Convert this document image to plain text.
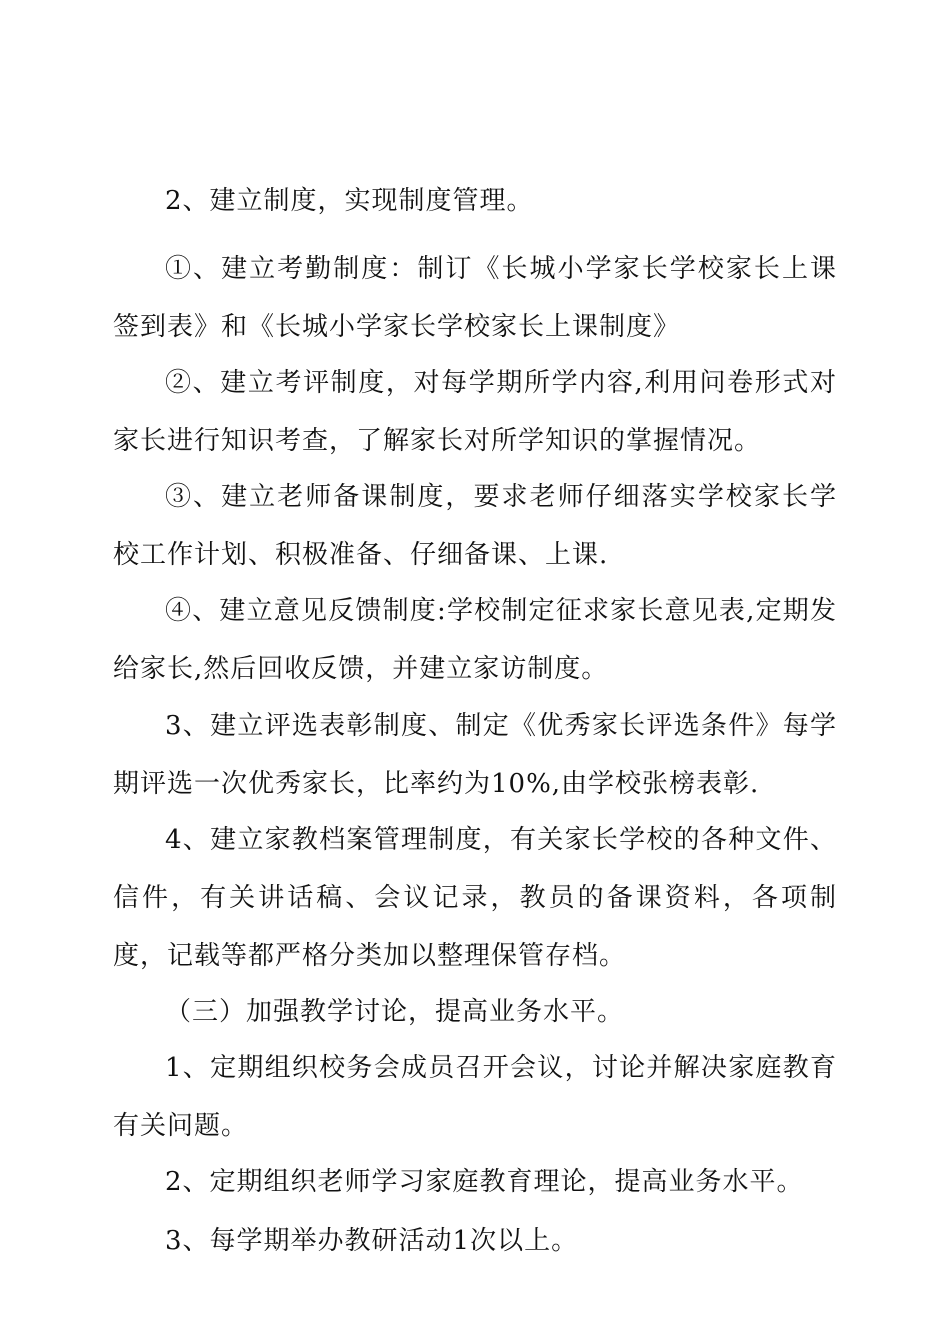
2、建立制度，实现制度管理。

①、建立考勤制度：制订《长城小学家长学校家长上课签到表》和《长城小学家长学校家长上课制度》

②、建立考评制度，对每学期所学内容,利用问卷形式对家长进行知识考查，了解家长对所学知识的掌握情况。

③、建立老师备课制度，要求老师仔细落实学校家长学校工作计划、积极准备、仔细备课、上课.

④、建立意见反馈制度:学校制定征求家长意见表,定期发给家长,然后回收反馈，并建立家访制度。

3、建立评选表彰制度、制定《优秀家长评选条件》每学期评选一次优秀家长，比率约为10%,由学校张榜表彰.

4、建立家教档案管理制度，有关家长学校的各种文件、信件，有关讲话稿、会议记录，教员的备课资料，各项制度，记载等都严格分类加以整理保管存档。

（三）加强教学讨论，提高业务水平。

1、定期组织校务会成员召开会议，讨论并解决家庭教育有关问题。

2、定期组织老师学习家庭教育理论，提高业务水平。

3、每学期举办教研活动1次以上。
